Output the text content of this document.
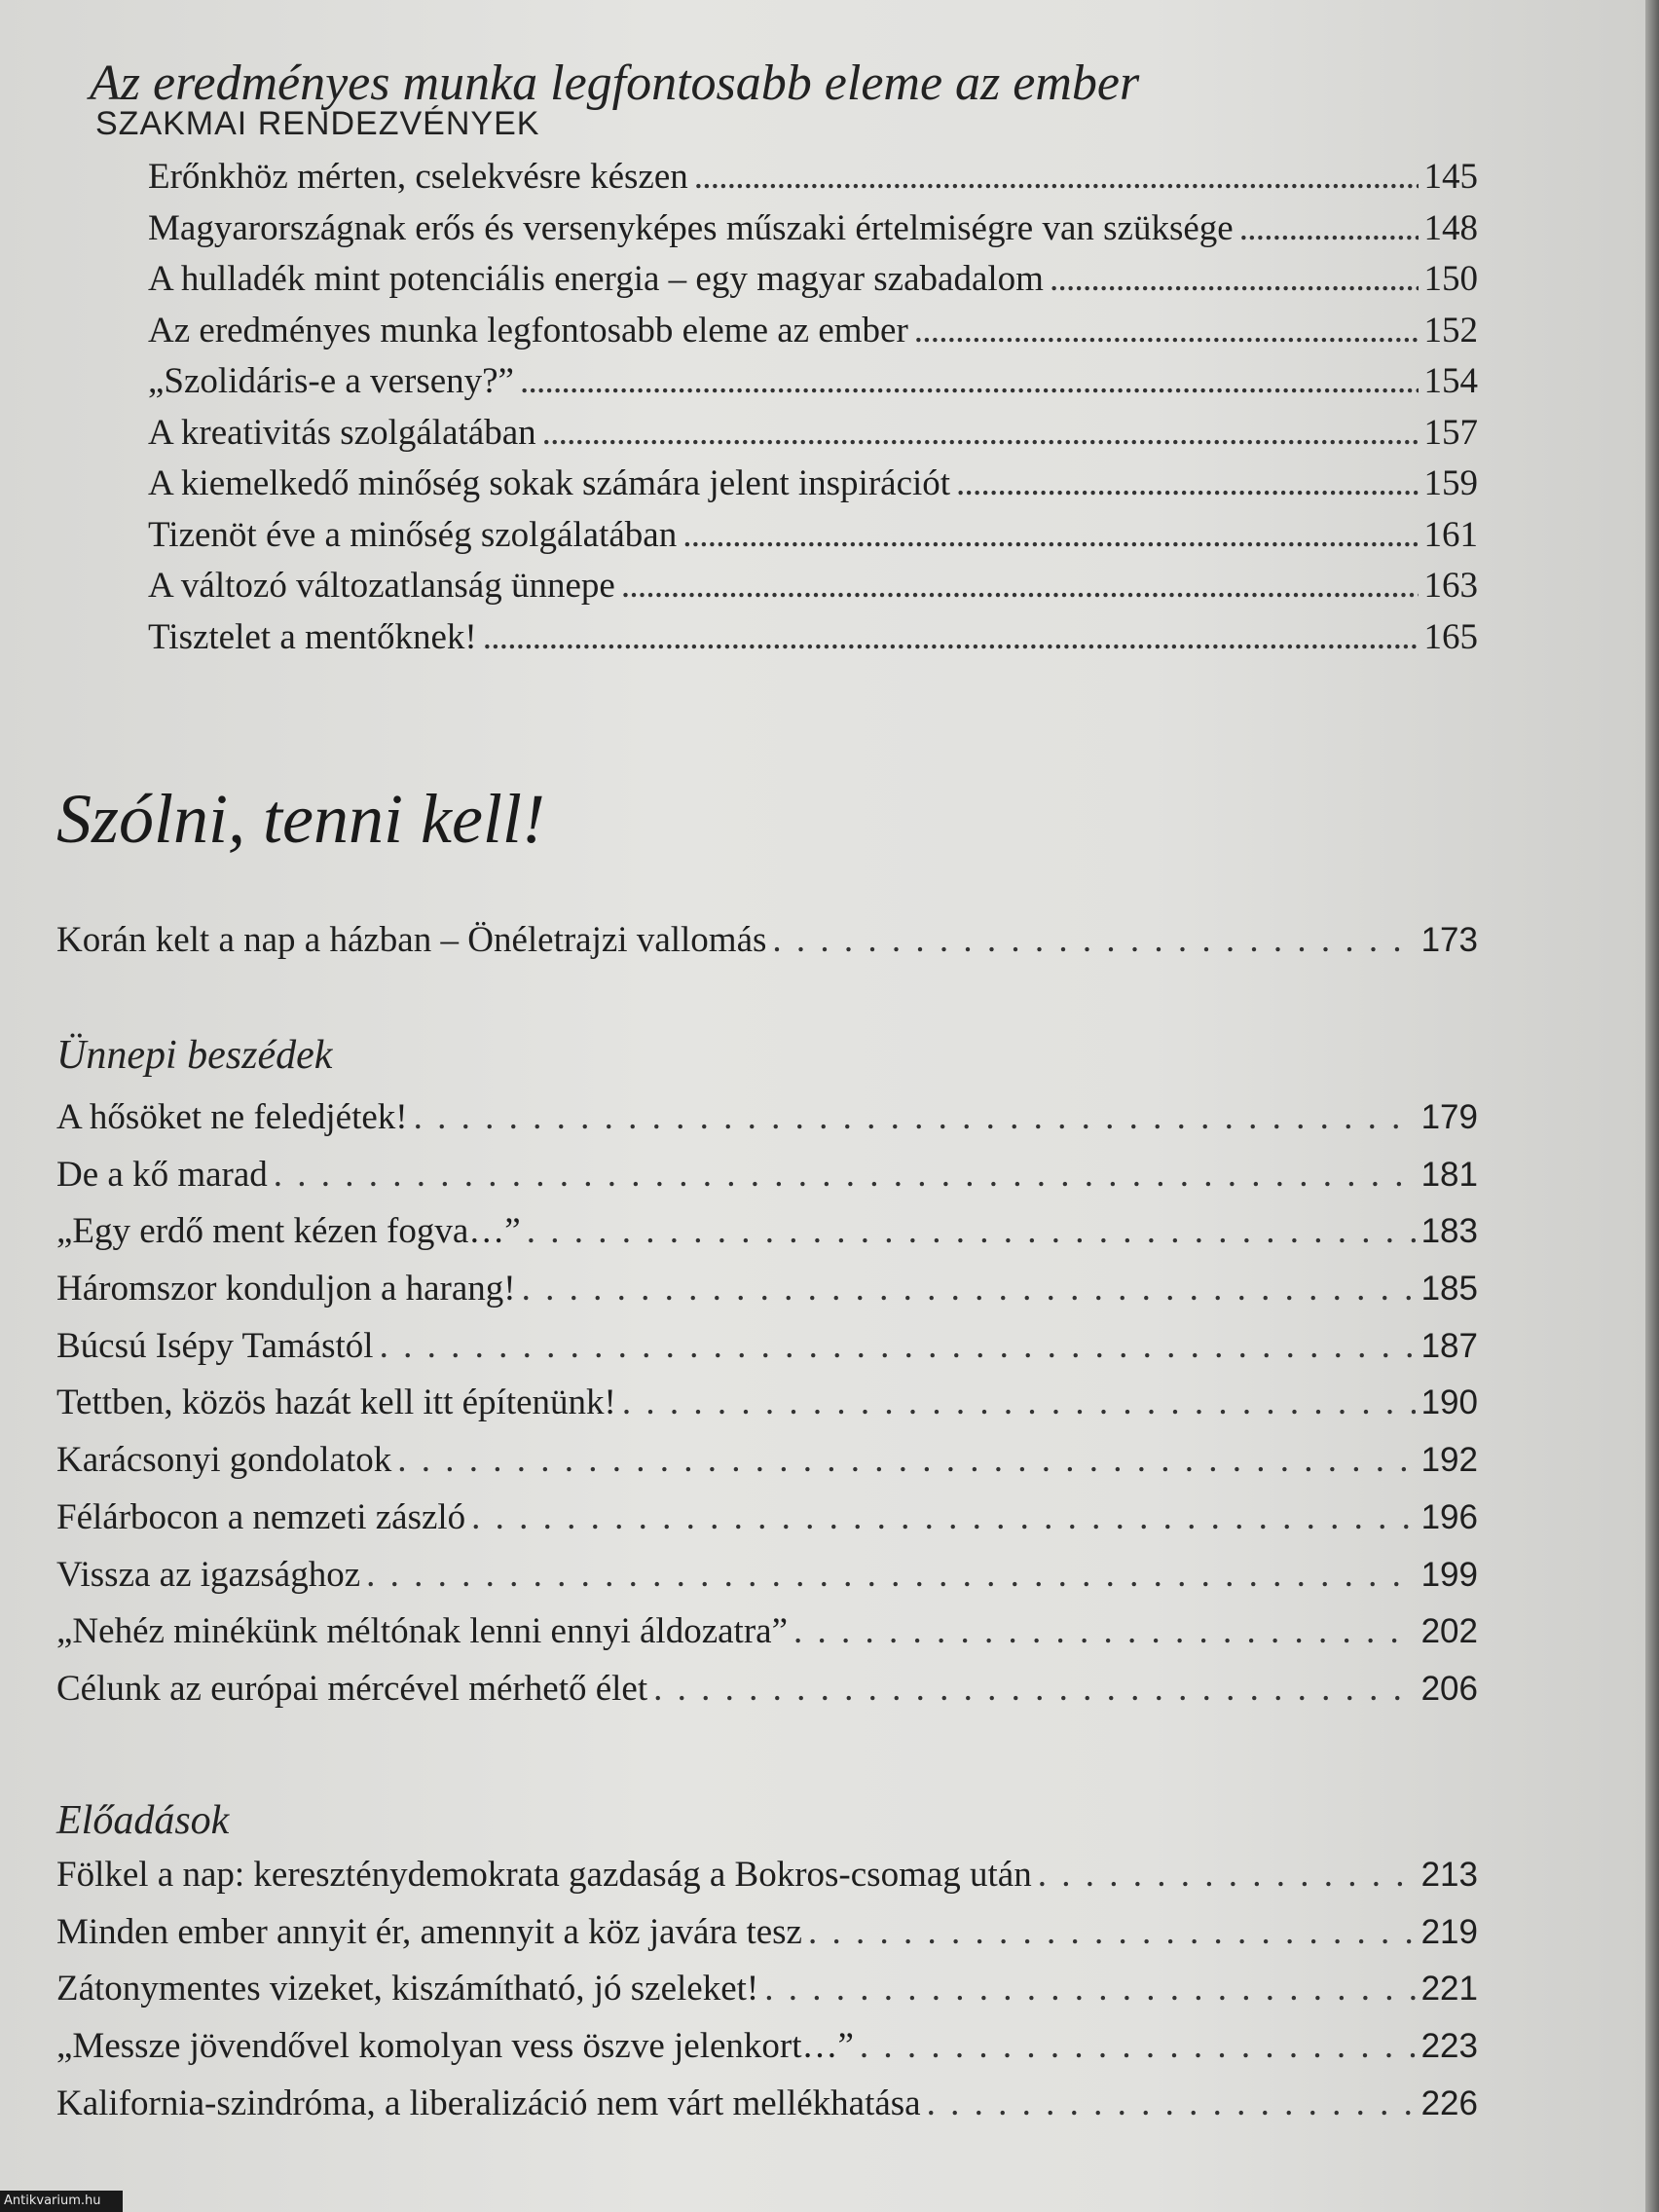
Az eredményes munka legfontosabb eleme az ember
SZAKMAI RENDEZVÉNYEK
Erőnkhöz mérten, cselekvésre készen . . .	145
Magyarországnak erős és versenyképes műszaki értelmiségre van szüksége . . .	148
A hulladék mint potenciális energia – egy magyar szabadalom . . .	150
Az eredményes munka legfontosabb eleme az ember . . .	152
„Szolidáris-e a verseny?” . . .	154
A kreativitás szolgálatában . . .	157
A kiemelkedő minőség sokak számára jelent inspirációt . . .	159
Tizenöt éve a minőség szolgálatában . . .	161
A változó változatlanság ünnepe . . .	163
Tisztelet a mentőknek! . . .	165
Szólni, tenni kell!
Korán kelt a nap a házban – Önéletrajzi vallomás . . .	173
Ünnepi beszédek
A hősöket ne feledjétek! . . .	179
De a kő marad . . .	181
„Egy erdő ment kézen fogva…” . . .	183
Háromszor konduljon a harang! . . .	185
Búcsú Isépy Tamástól . . .	187
Tettben, közös hazát kell itt építenünk! . . .	190
Karácsonyi gondolatok . . .	192
Félárbocon a nemzeti zászló . . .	196
Vissza az igazsághoz . . .	199
„Nehéz minékünk méltónak lenni ennyi áldozatra” . . .	202
Célunk az európai mércével mérhető élet . . .	206
Előadások
Fölkel a nap: kereszténydemokrata gazdaság a Bokros-csomag után . . .	213
Minden ember annyit ér, amennyit a köz javára tesz . . .	219
Zátonymentes vizeket, kiszámítható, jó szeleket! . . .	221
„Messze jövendővel komolyan vess öszve jelenkort…” . . .	223
Kalifornia-szindróma, a liberalizáció nem várt mellékhatása . . .	226
Antikvarium.hu
